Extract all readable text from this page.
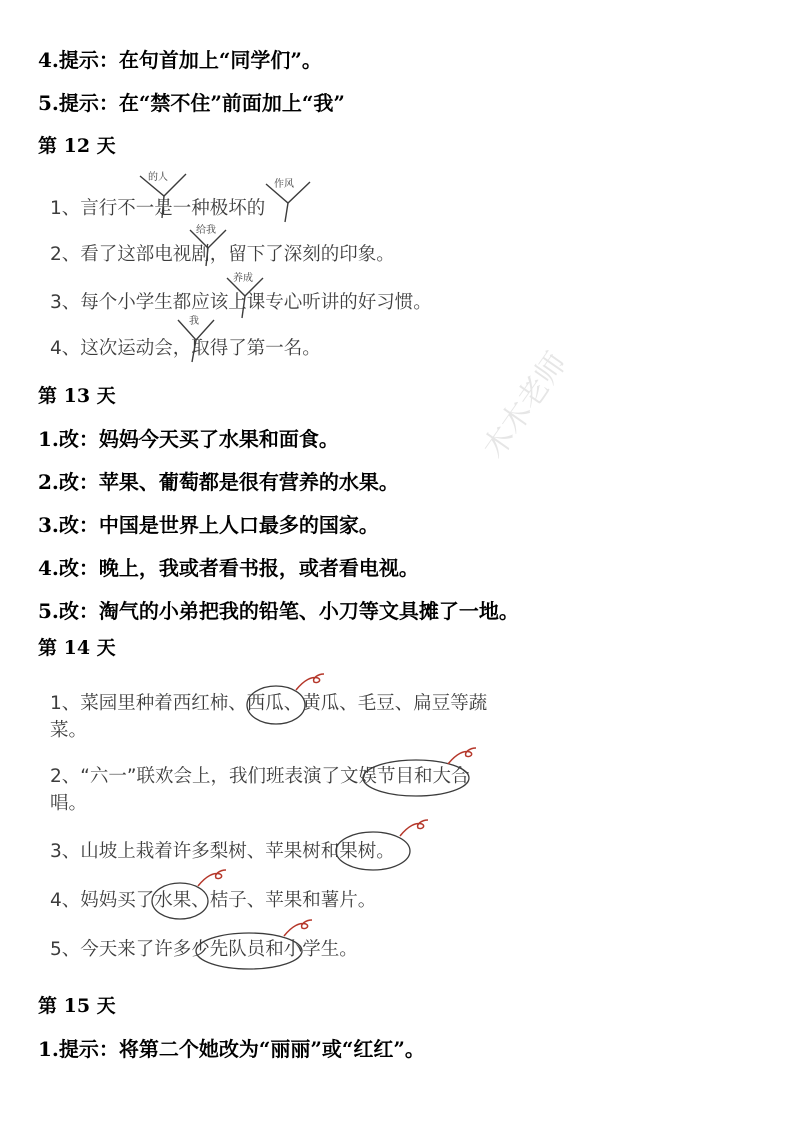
4.提示：在句首加上“同学们”。
5.提示：在“禁不住”前面加上“我”
第 12 天
1、言行不一是一种极坏的
2、看了这部电视剧，留下了深刻的印象。
3、每个小学生都应该上课专心听讲的好习惯。
4、这次运动会，取得了第一名。
的人
作风
给我
养成
我
第 13 天
1.改：妈妈今天买了水果和面食。
2.改：苹果、葡萄都是很有营养的水果。
3.改：中国是世界上人口最多的国家。
4.改：晚上，我或者看书报，或者看电视。
5.改：淘气的小弟把我的铅笔、小刀等文具摊了一地。
第 14 天
1、菜园里种着西红柿、西瓜、黄瓜、毛豆、扁豆等蔬
菜。
2、“六一”联欢会上，我们班表演了文娱节目和大合
唱。
3、山坡上栽着许多梨树、苹果树和果树。
4、妈妈买了水果、桔子、苹果和薯片。
5、今天来了许多少先队员和小学生。
第 15 天
1.提示：将第二个她改为“丽丽”或“红红”。
木木老师
